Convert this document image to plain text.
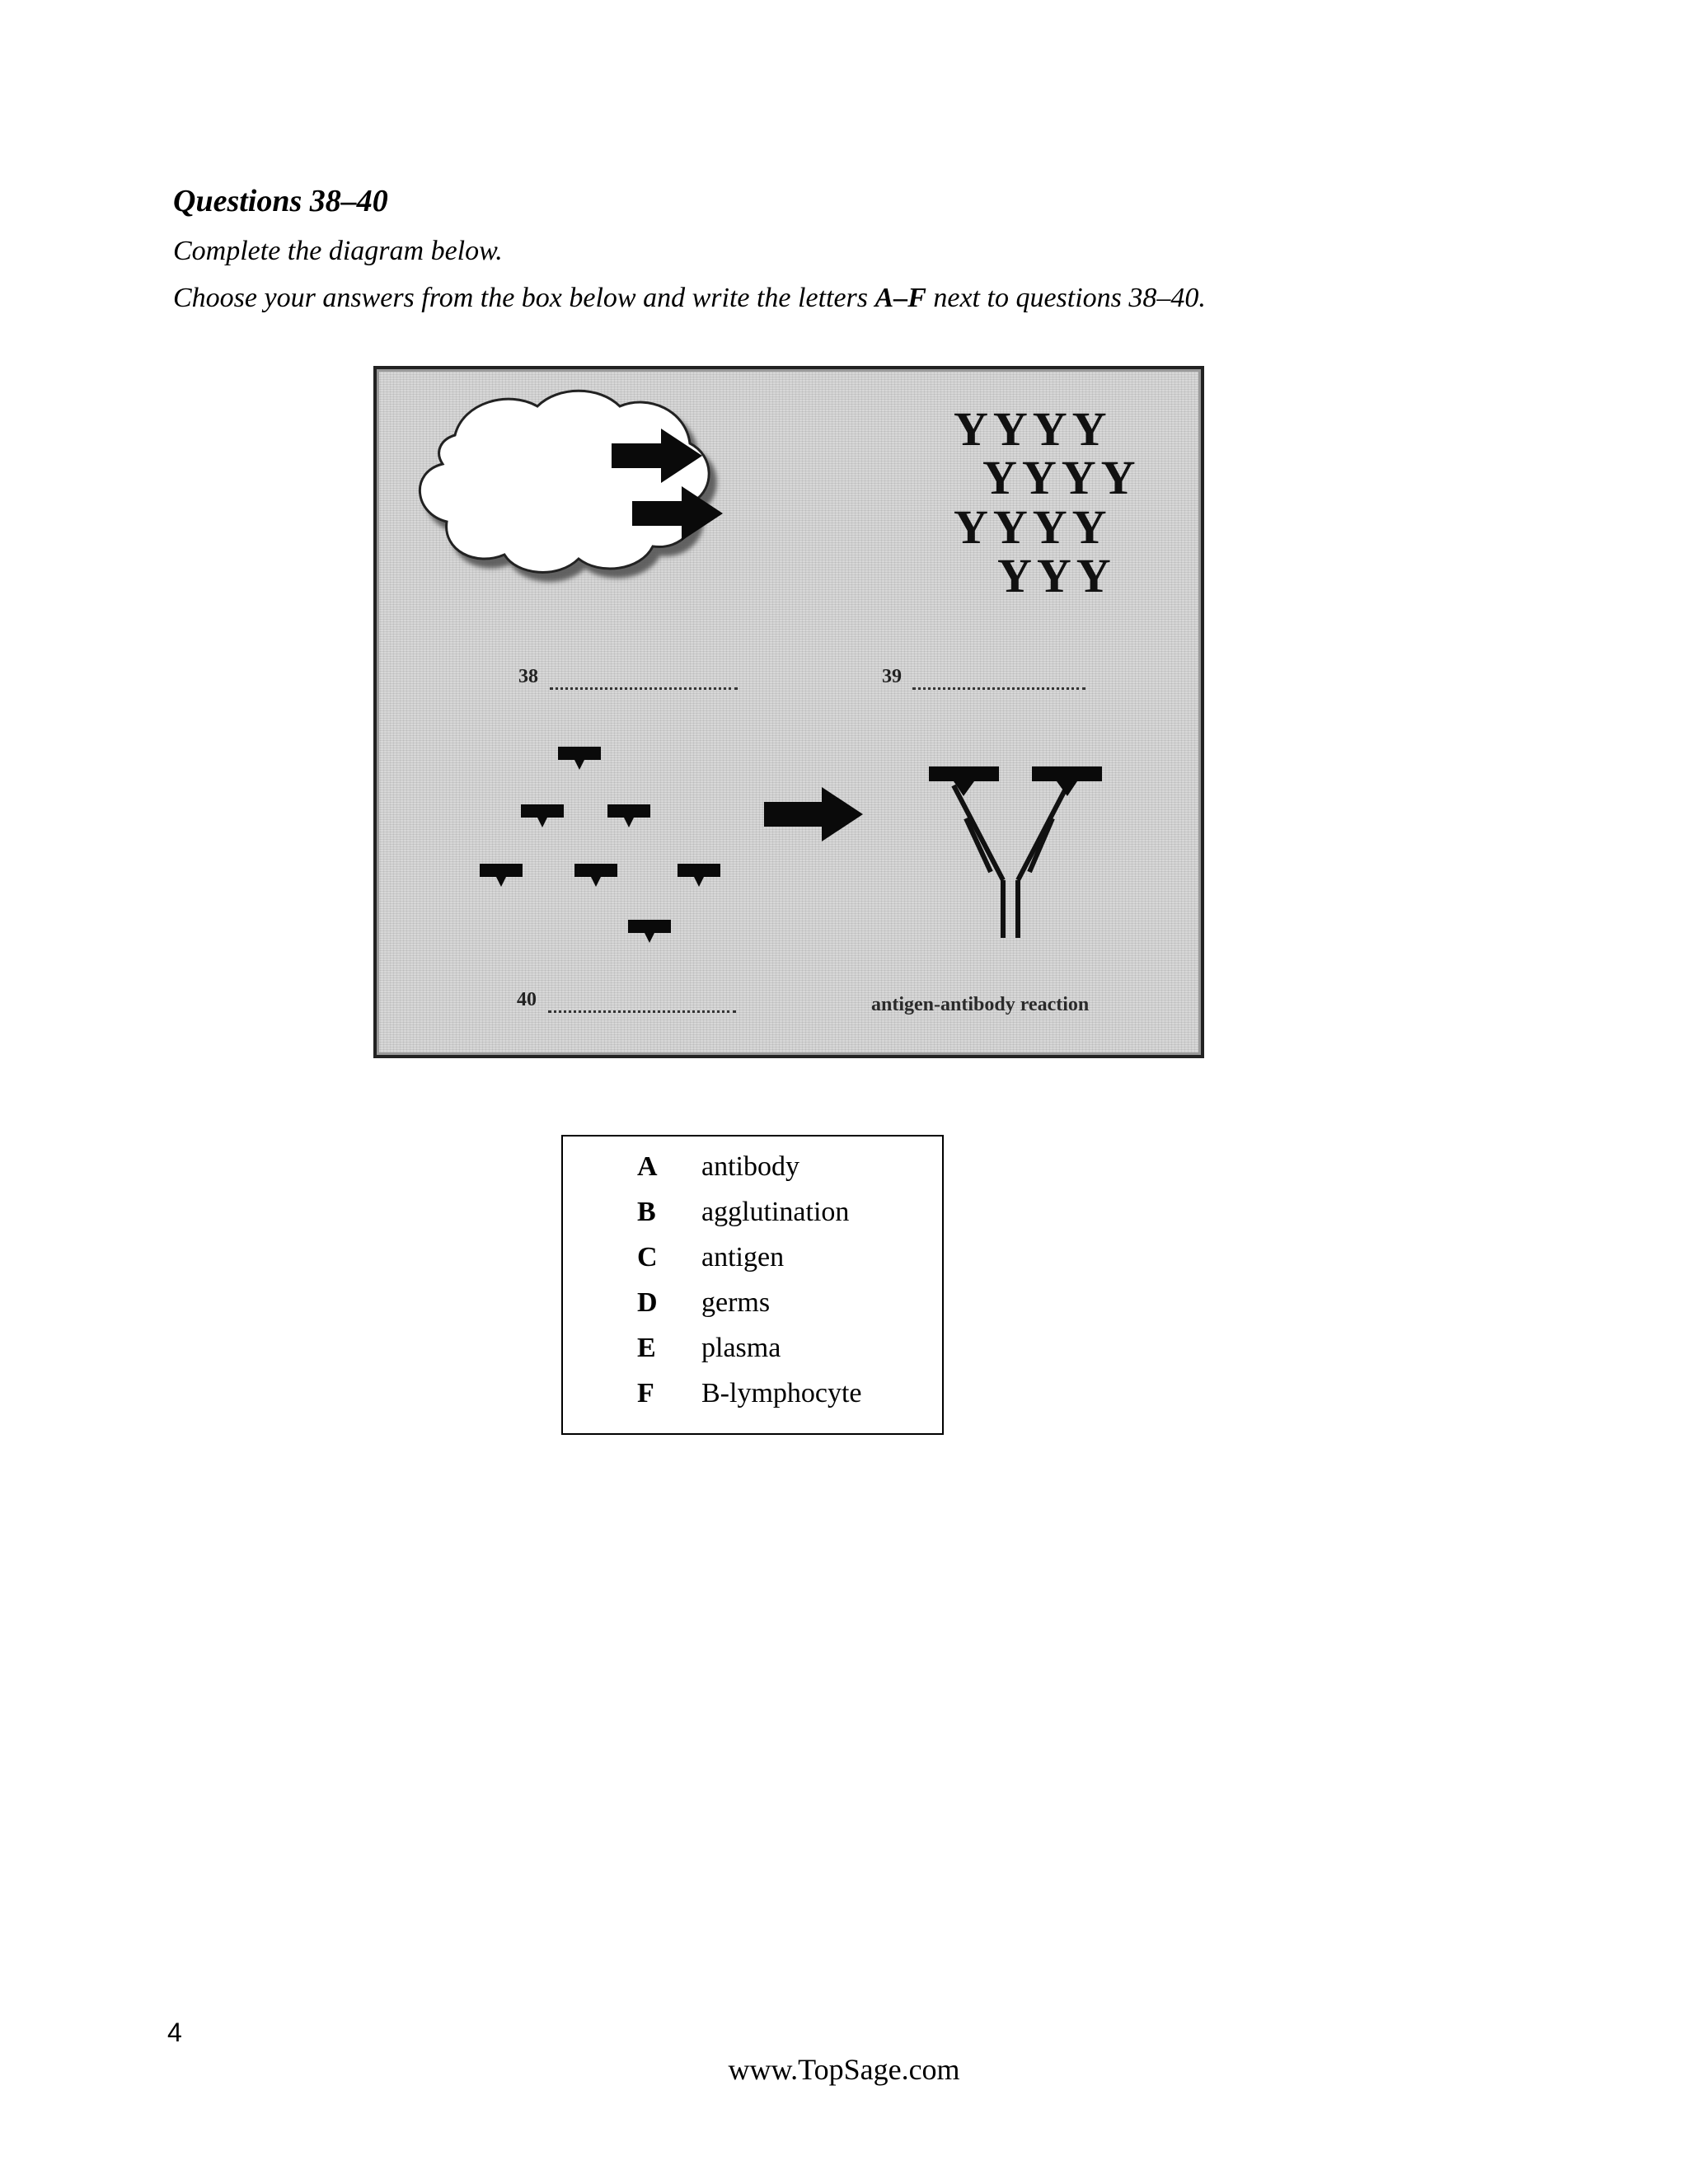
Questions 38–40

Complete the diagram below.

Choose your answers from the box below and write the letters A–F next to questions 38–40.

YYYY
YYYY
YYYY
YYY
38	39
40	antigen-antibody reaction
A antibody
B agglutination
C antigen
D germs
E plasma
F B-lymphocyte
4
www.TopSage.com
